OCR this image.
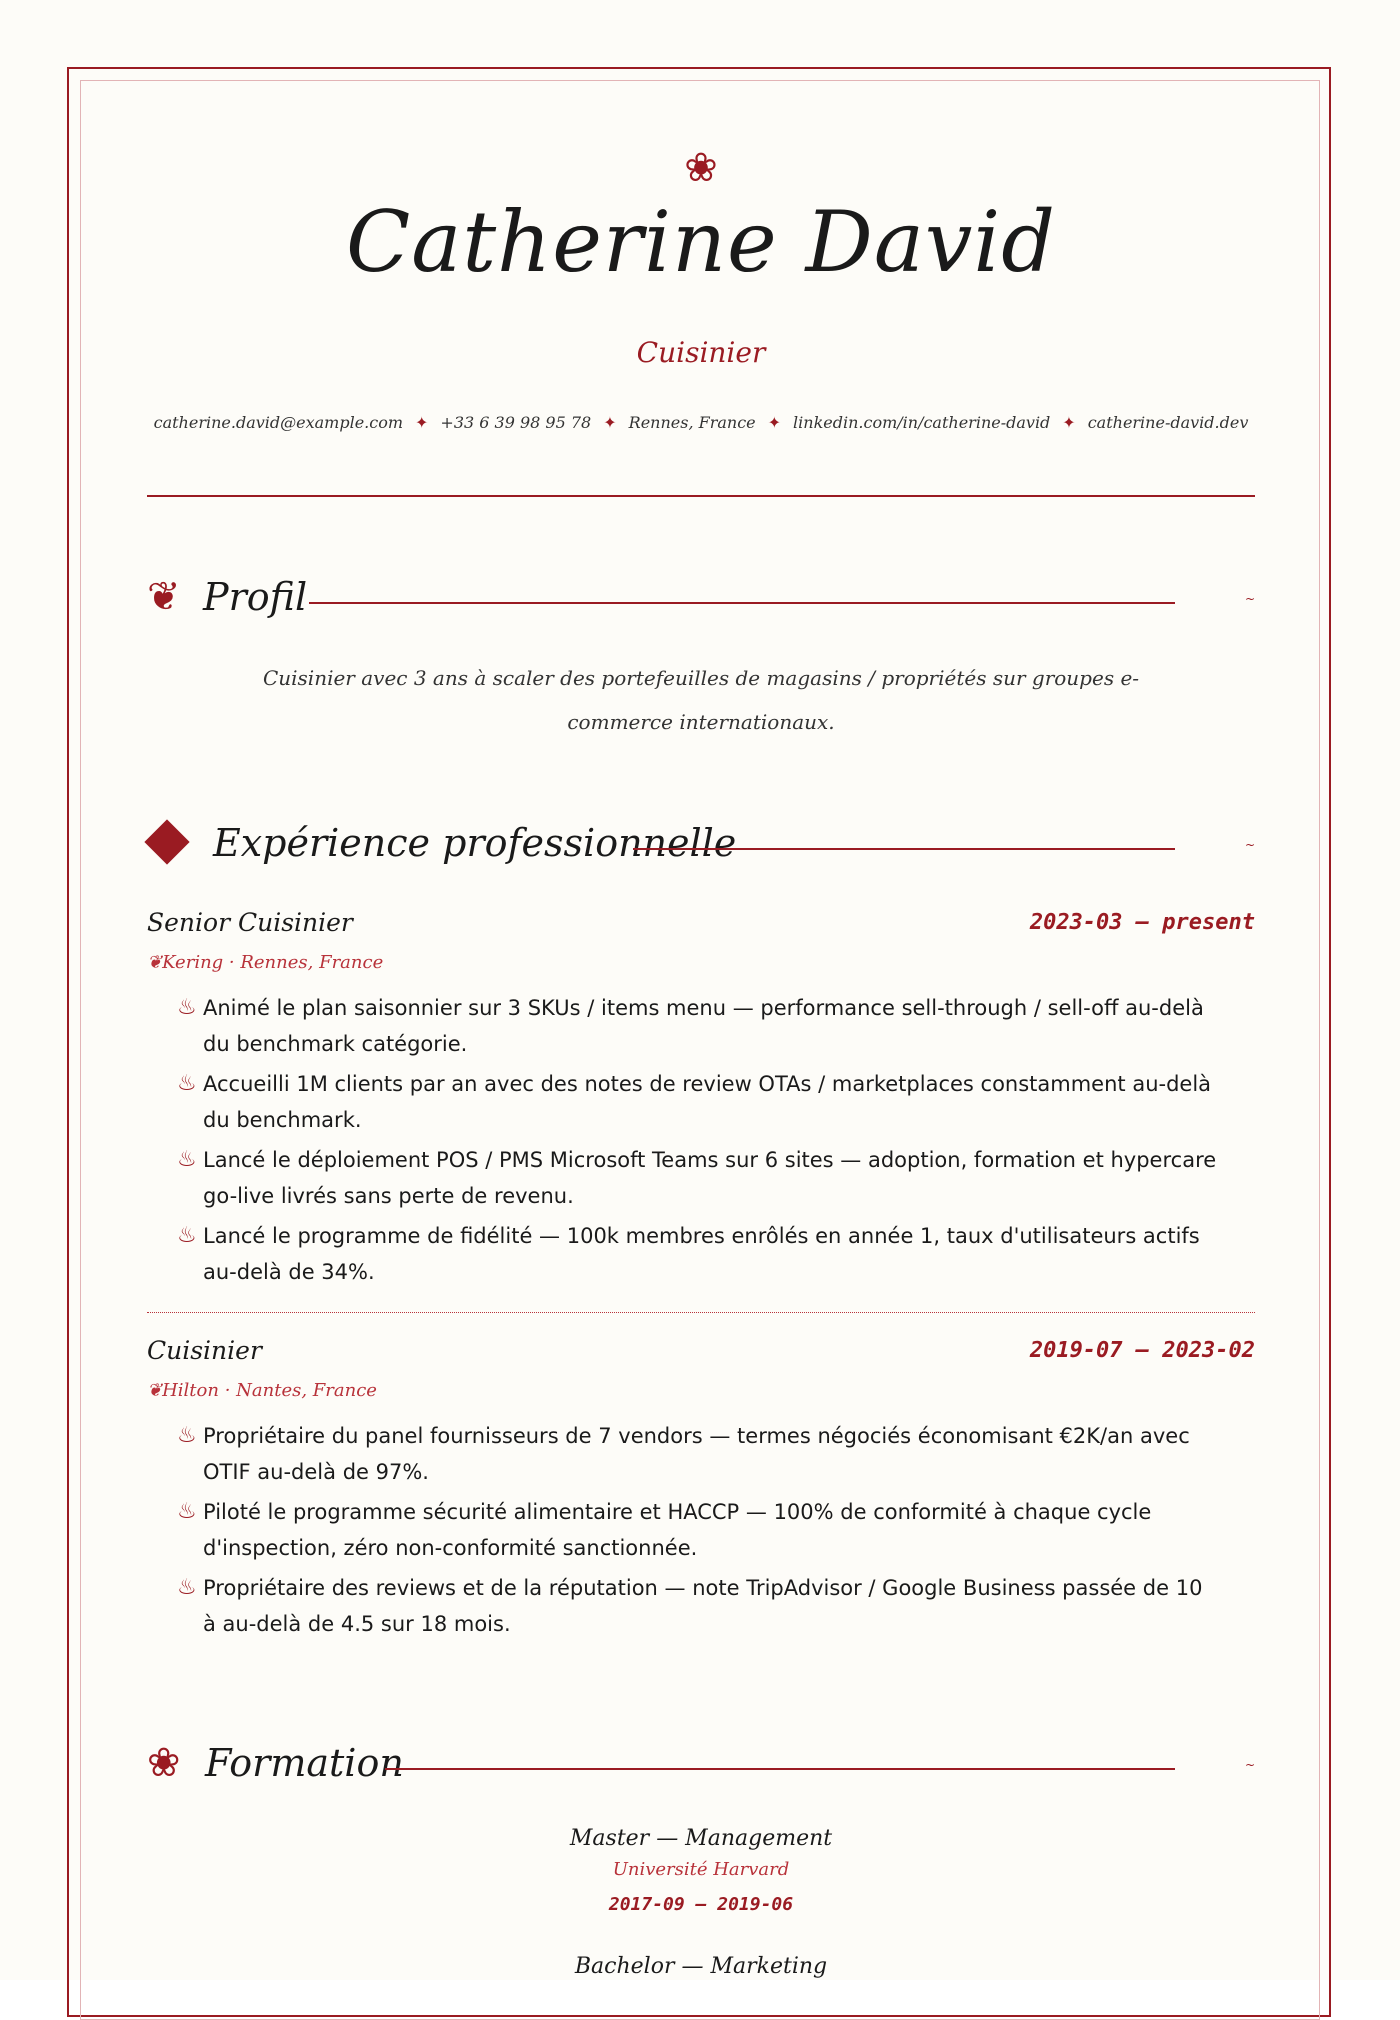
❀
Catherine David
Cuisinier
catherine.david@example.com ✦ +33 6 39 98 95 78 ✦ Rennes, France ✦ linkedin.com/in/catherine-david ✦ catherine-david.dev
❦ Profil	~
Cuisinier avec 3 ans à scaler des portefeuilles de magasins / propriétés sur groupes e-commerce internationaux.
Expérience professionnelle	~
Senior Cuisinier	2023-03 — present
❦Kering · Rennes, France
♨ Animé le plan saisonnier sur 3 SKUs / items menu — performance sell-through / sell-off au-delà du benchmark catégorie.
♨ Accueilli 1M clients par an avec des notes de review OTAs / marketplaces constamment au-delà du benchmark.
♨ Lancé le déploiement POS / PMS Microsoft Teams sur 6 sites — adoption, formation et hypercare go-live livrés sans perte de revenu.
♨ Lancé le programme de fidélité — 100k membres enrôlés en année 1, taux d'utilisateurs actifs au-delà de 34%.
Cuisinier	2019-07 — 2023-02
❦Hilton · Nantes, France
♨ Propriétaire du panel fournisseurs de 7 vendors — termes négociés économisant €2K/an avec OTIF au-delà de 97%.
♨ Piloté le programme sécurité alimentaire et HACCP — 100% de conformité à chaque cycle d'inspection, zéro non-conformité sanctionnée.
♨ Propriétaire des reviews et de la réputation — note TripAdvisor / Google Business passée de 10 à au-delà de 4.5 sur 18 mois.
❀ Formation	~
Master — Management
Université Harvard
2017-09 – 2019-06
Bachelor — Marketing
